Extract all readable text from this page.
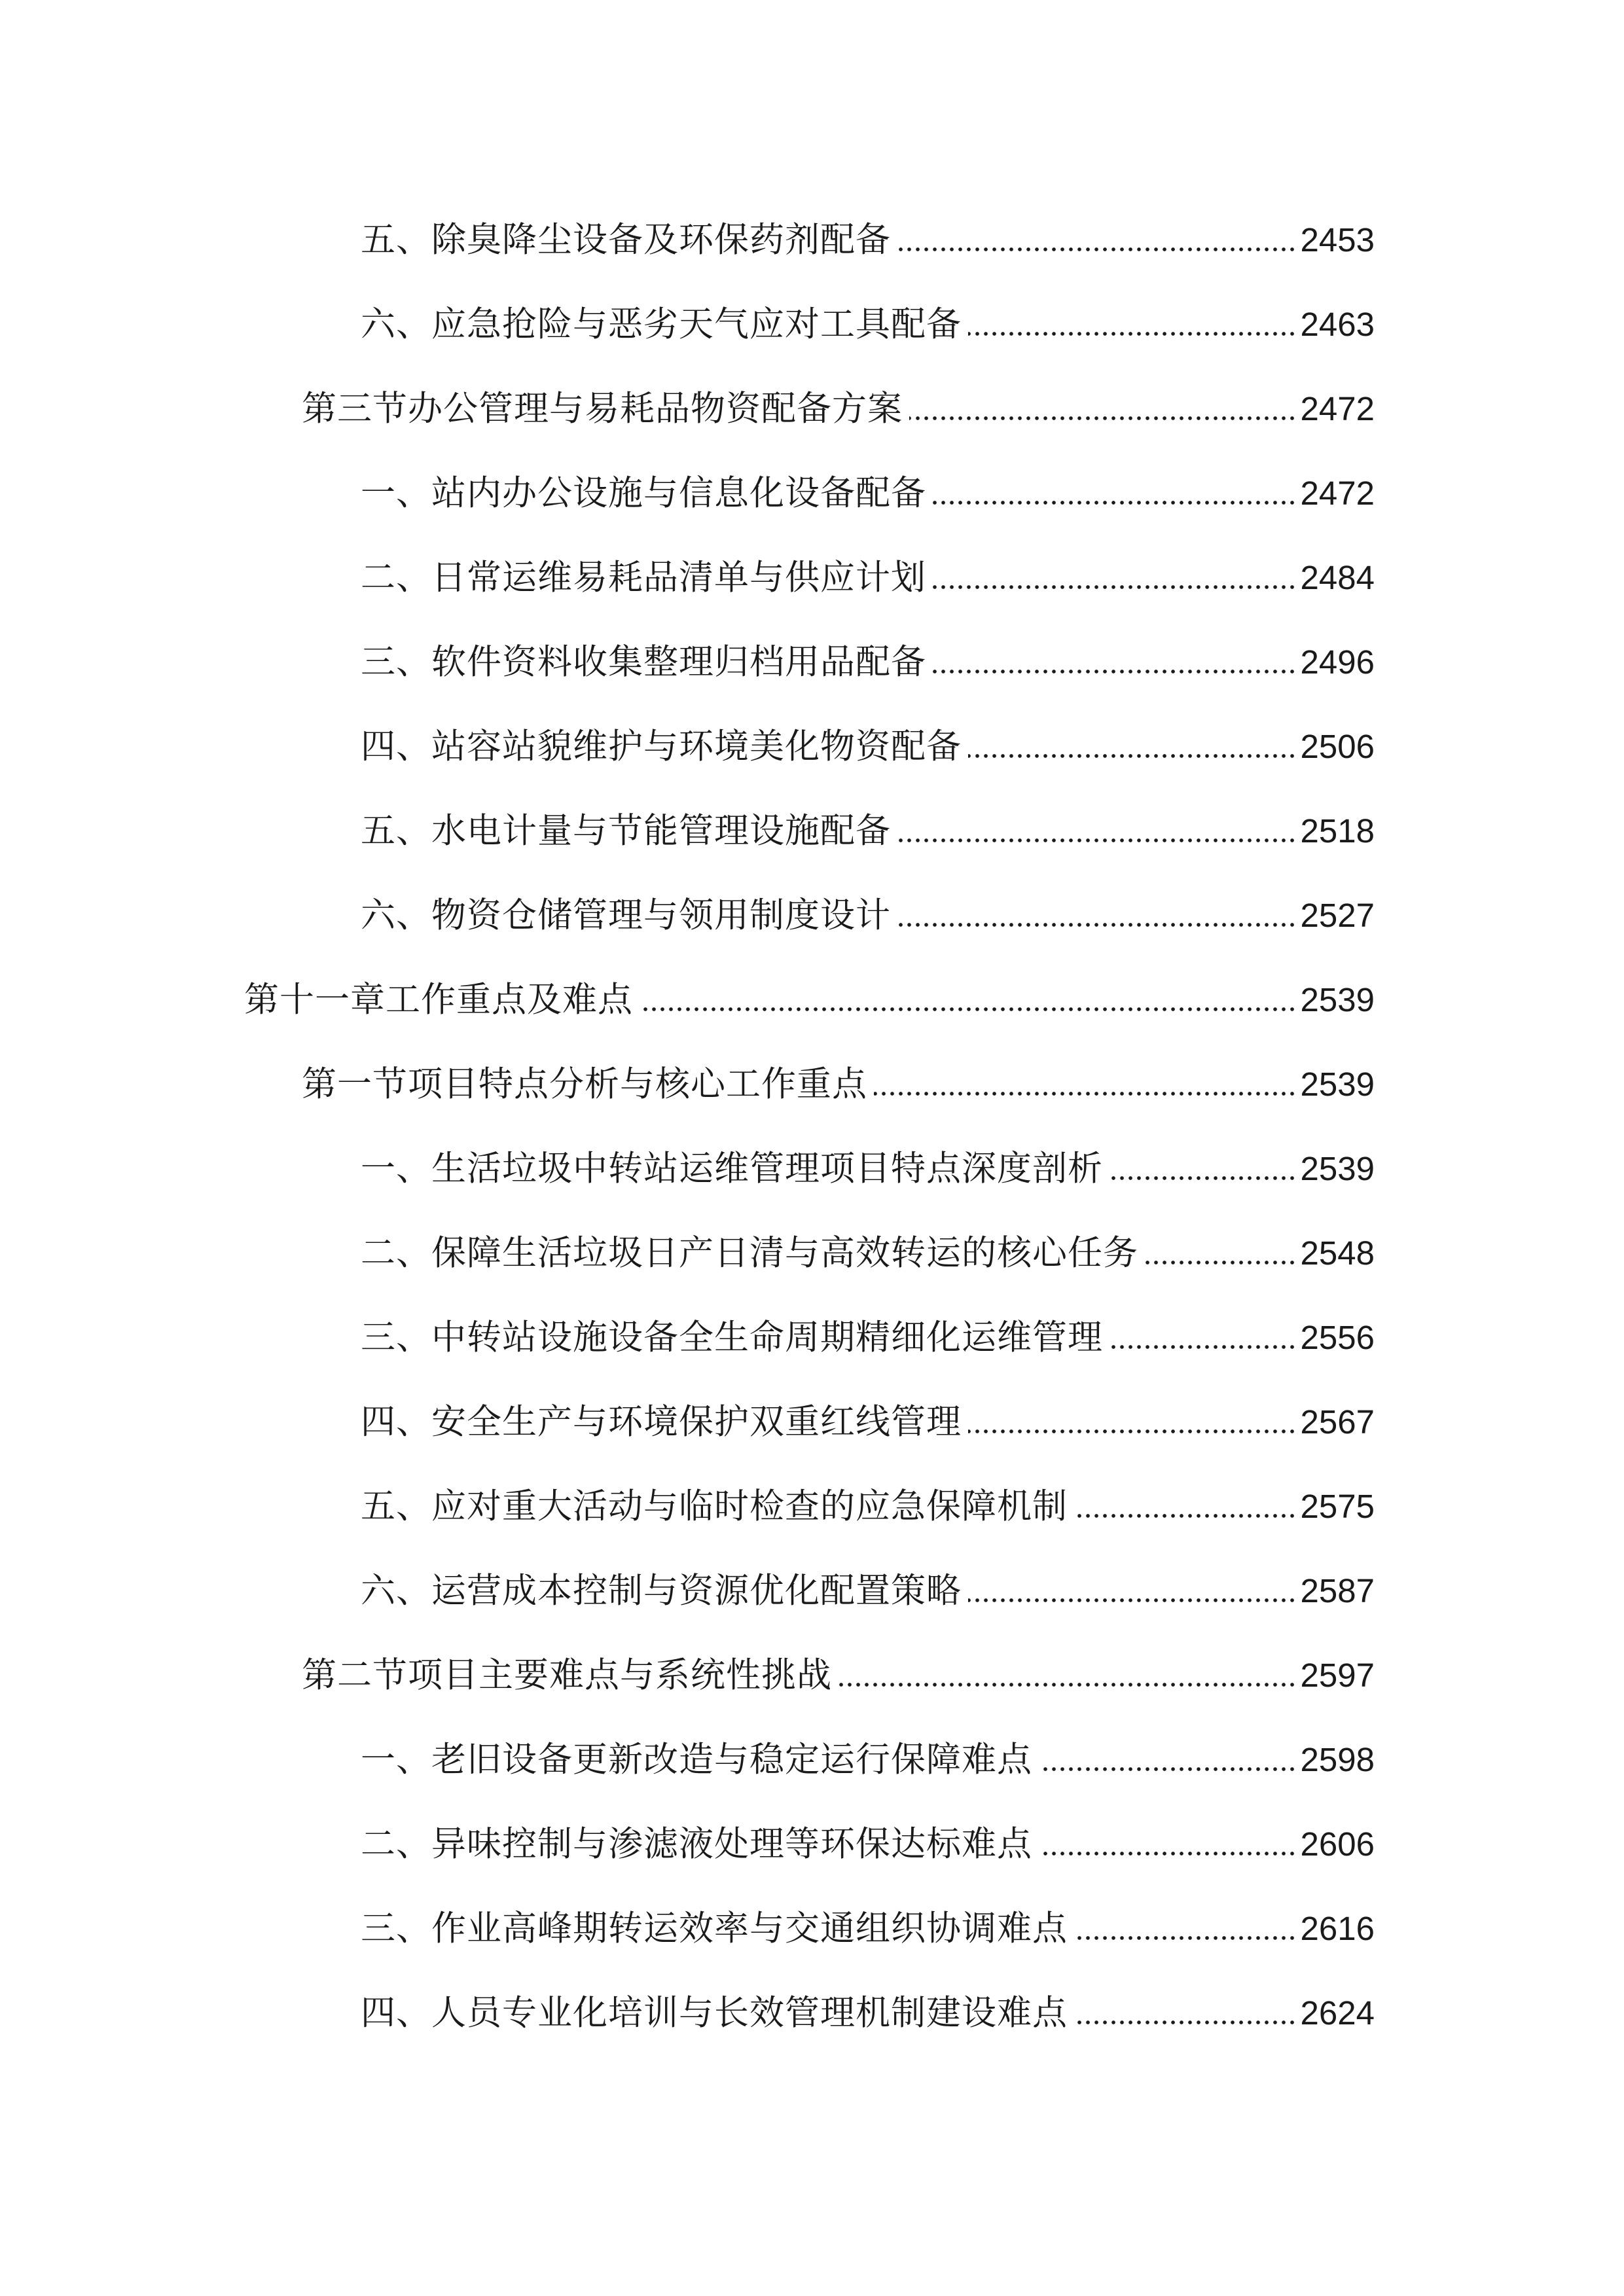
五、除臭降尘设备及环保药剂配备	2453
六、应急抢险与恶劣天气应对工具配备	2463
第三节办公管理与易耗品物资配备方案	2472
一、站内办公设施与信息化设备配备	2472
二、日常运维易耗品清单与供应计划	2484
三、软件资料收集整理归档用品配备	2496
四、站容站貌维护与环境美化物资配备	2506
五、水电计量与节能管理设施配备	2518
六、物资仓储管理与领用制度设计	2527
第十一章工作重点及难点	2539
第一节项目特点分析与核心工作重点	2539
一、生活垃圾中转站运维管理项目特点深度剖析	2539
二、保障生活垃圾日产日清与高效转运的核心任务	2548
三、中转站设施设备全生命周期精细化运维管理	2556
四、安全生产与环境保护双重红线管理	2567
五、应对重大活动与临时检查的应急保障机制	2575
六、运营成本控制与资源优化配置策略	2587
第二节项目主要难点与系统性挑战	2597
一、老旧设备更新改造与稳定运行保障难点	2598
二、异味控制与渗滤液处理等环保达标难点	2606
三、作业高峰期转运效率与交通组织协调难点	2616
四、人员专业化培训与长效管理机制建设难点	2624
